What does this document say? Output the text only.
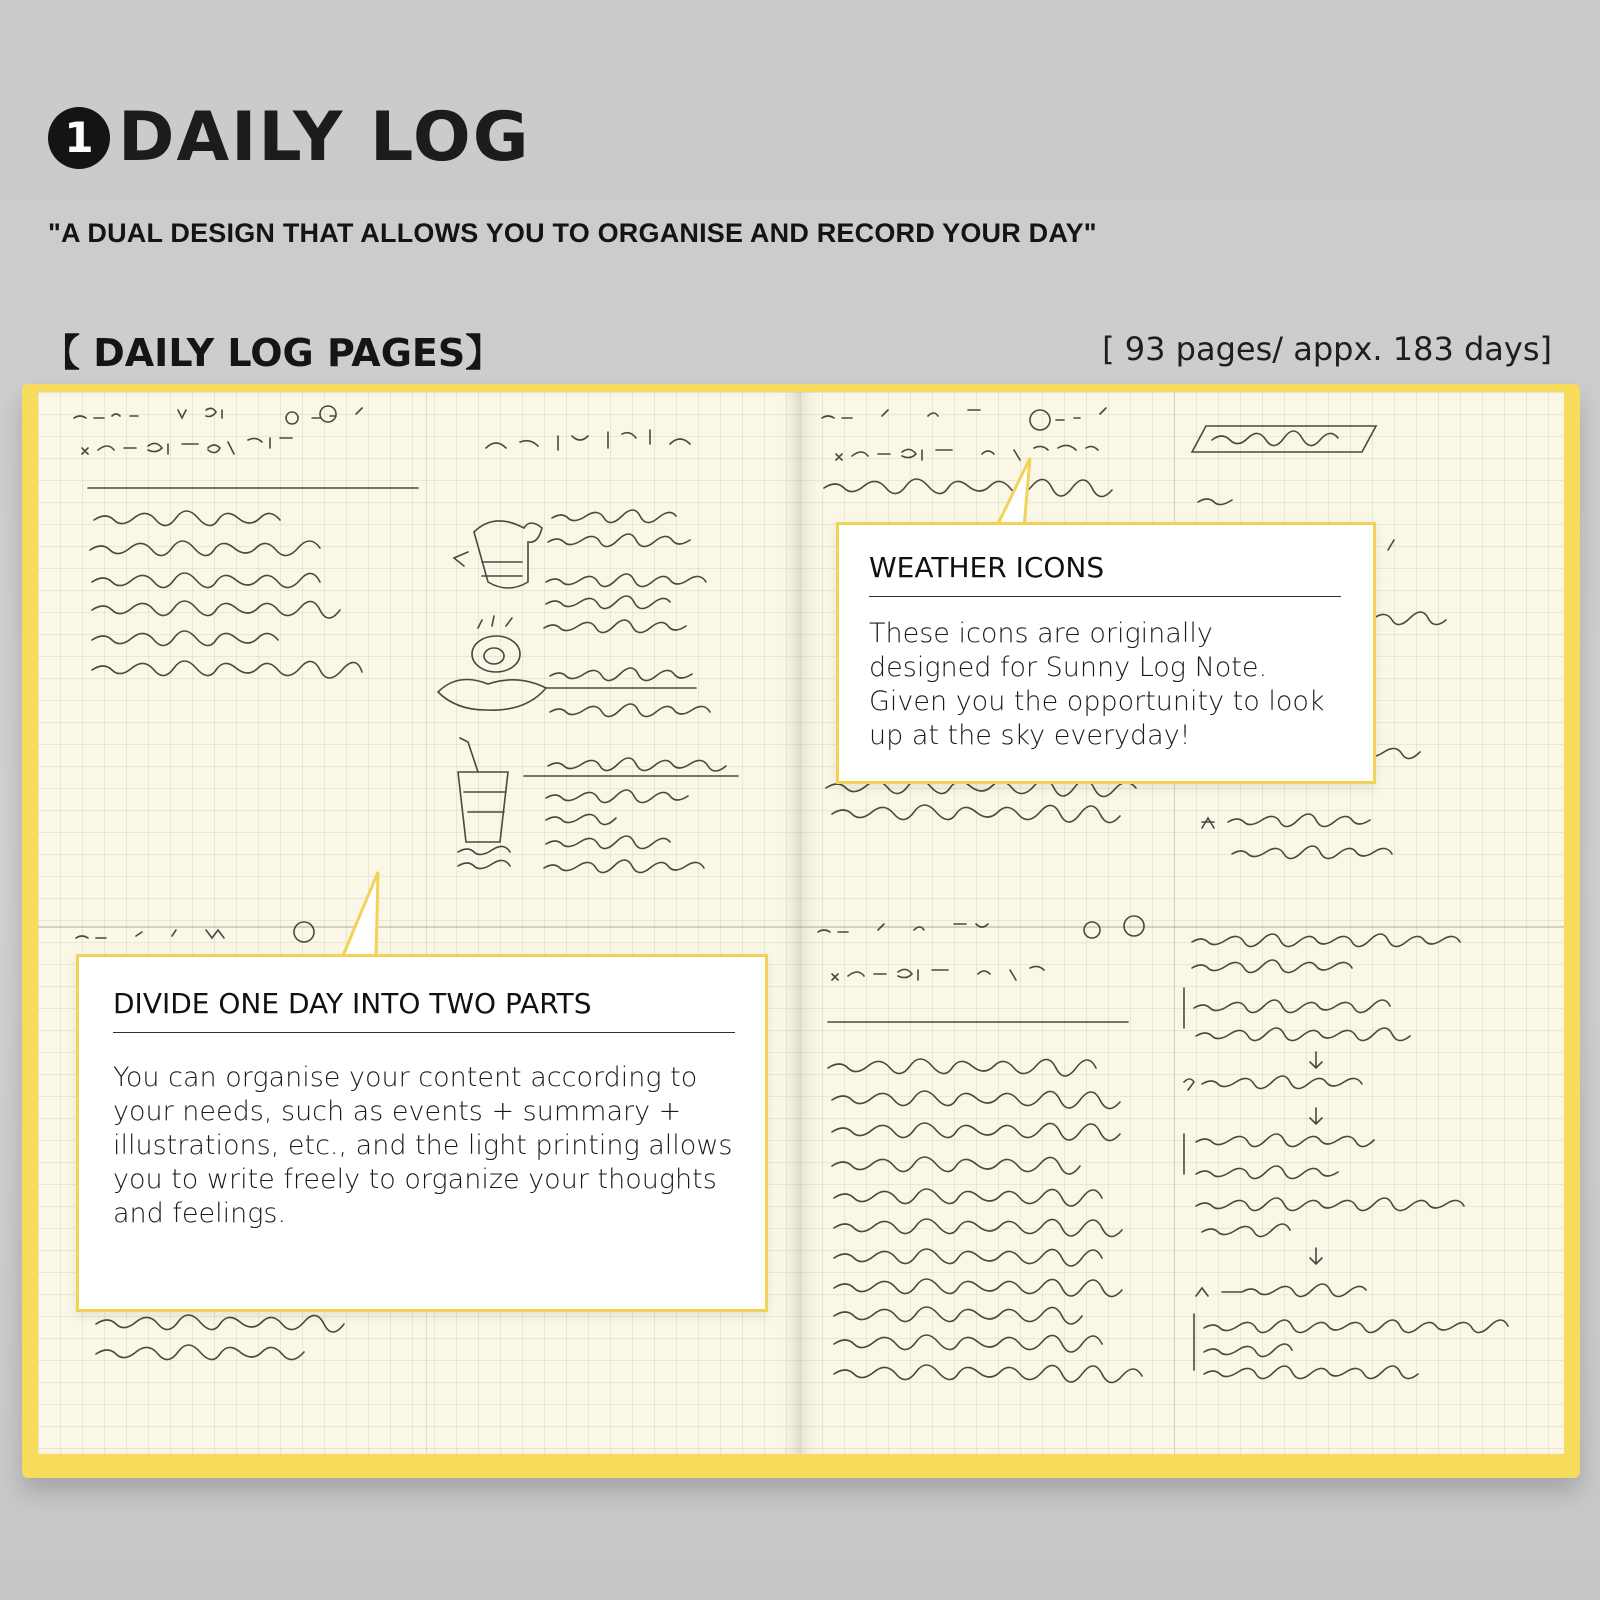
1 DAILY LOG
"A DUAL DESIGN THAT ALLOWS YOU TO ORGANISE AND RECORD YOUR DAY"
【 DAILY LOG PAGES】	[ 93 pages/ appx. 183 days]
WEATHER ICONS
These icons are originally designed for Sunny Log Note. Given you the opportunity to look up at the sky everyday!
DIVIDE ONE DAY INTO TWO PARTS
You can organise your content according to your needs, such as events + summary + illustrations, etc., and the light printing allows you to write freely to organize your thoughts and feelings.
